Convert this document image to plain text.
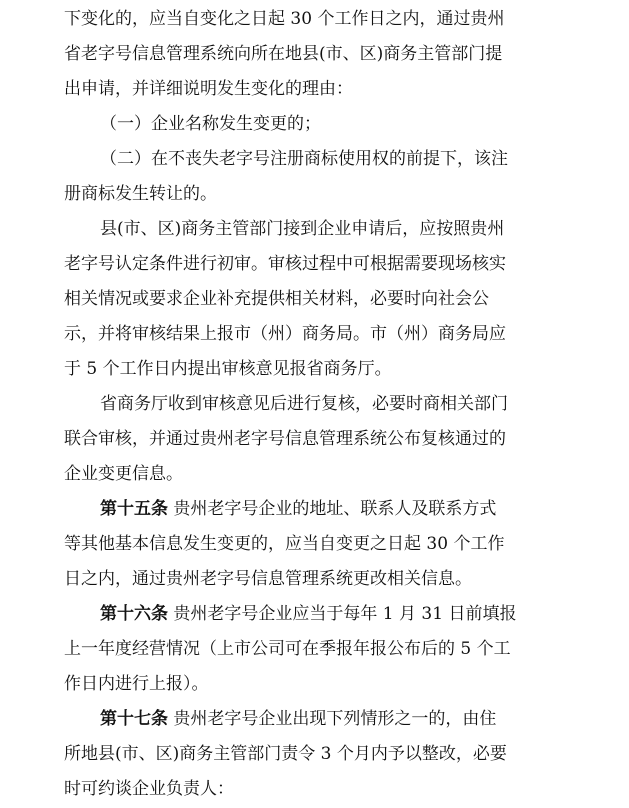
下变化的，应当自变化之日起 30 个工作日之内，通过贵州
省老字号信息管理系统向所在地县(市、区)商务主管部门提
出申请，并详细说明发生变化的理由：
（一）企业名称发生变更的；
（二）在不丧失老字号注册商标使用权的前提下，该注
册商标发生转让的。
县(市、区)商务主管部门接到企业申请后，应按照贵州
老字号认定条件进行初审。审核过程中可根据需要现场核实
相关情况或要求企业补充提供相关材料，必要时向社会公
示，并将审核结果上报市（州）商务局。市（州）商务局应
于 5 个工作日内提出审核意见报省商务厅。
省商务厅收到审核意见后进行复核，必要时商相关部门
联合审核，并通过贵州老字号信息管理系统公布复核通过的
企业变更信息。
第十五条 贵州老字号企业的地址、联系人及联系方式
等其他基本信息发生变更的，应当自变更之日起 30 个工作
日之内，通过贵州老字号信息管理系统更改相关信息。
第十六条 贵州老字号企业应当于每年 1 月 31 日前填报
上一年度经营情况（上市公司可在季报年报公布后的 5 个工
作日内进行上报）。
第十七条 贵州老字号企业出现下列情形之一的，由住
所地县(市、区)商务主管部门责令 3 个月内予以整改，必要
时可约谈企业负责人：
